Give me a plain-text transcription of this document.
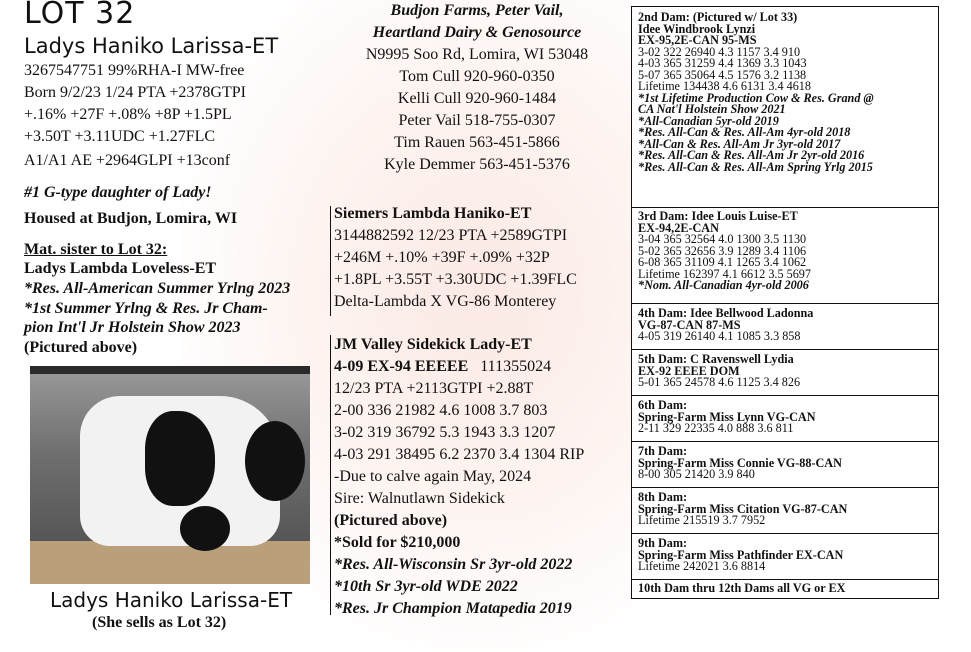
LOT 32
Ladys Haniko Larissa-ET
3267547751 99%RHA-I MW-free
Born 9/2/23 1/24 PTA +2378GTPI
+.16% +27F +.08% +8P +1.5PL
+3.50T +3.11UDC +1.27FLC
A1/A1 AE +2964GLPI +13conf
#1 G-type daughter of Lady!
Housed at Budjon, Lomira, WI
Mat. sister to Lot 32:
Ladys Lambda Loveless-ET
*Res. All-American Summer Yrlng 2023
*1st Summer Yrlng & Res. Jr Cham-
pion Int'l Jr Holstein Show 2023
(Pictured above)
Ladys Haniko Larissa-ET
(She sells as Lot 32)
Budjon Farms, Peter Vail,
Heartland Dairy & Genosource
N9995 Soo Rd, Lomira, WI 53048
Tom Cull 920-960-0350
Kelli Cull 920-960-1484
Peter Vail 518-755-0307
Tim Rauen 563-451-5866
Kyle Demmer 563-451-5376
Siemers Lambda Haniko-ET
3144882592 12/23 PTA +2589GTPI
+246M +.10% +39F +.09% +32P
+1.8PL +3.55T +3.30UDC +1.39FLC
Delta-Lambda X VG-86 Monterey
JM Valley Sidekick Lady-ET
4-09 EX-94 EEEEE 111355024
12/23 PTA +2113GTPI +2.88T
2-00 336 21982 4.6 1008 3.7 803
3-02 319 36792 5.3 1943 3.3 1207
4-03 291 38495 6.2 2370 3.4 1304 RIP
-Due to calve again May, 2024
Sire: Walnutlawn Sidekick
(Pictured above)
*Sold for $210,000
*Res. All-Wisconsin Sr 3yr-old 2022
*10th Sr 3yr-old WDE 2022
*Res. Jr Champion Matapedia 2019
2nd Dam: (Pictured w/ Lot 33)
Idee Windbrook Lynzi
EX-95,2E-CAN 95-MS
3-02 322 26940 4.3 1157 3.4 910
4-03 365 31259 4.4 1369 3.3 1043
5-07 365 35064 4.5 1576 3.2 1138
Lifetime 134438 4.6 6131 3.4 4618
*1st Lifetime Production Cow & Res. Grand @
CA Nat'l Holstein Show 2021
*All-Canadian 5yr-old 2019
*Res. All-Can & Res. All-Am 4yr-old 2018
*All-Can & Res. All-Am Jr 3yr-old 2017
*Res. All-Can & Res. All-Am Jr 2yr-old 2016
*Res. All-Can & Res. All-Am Spring Yrlg 2015
3rd Dam: Idee Louis Luise-ET
EX-94,2E-CAN
3-04 365 32564 4.0 1300 3.5 1130
5-02 365 32656 3.9 1289 3.4 1106
6-08 365 31109 4.1 1265 3.4 1062
Lifetime 162397 4.1 6612 3.5 5697
*Nom. All-Canadian 4yr-old 2006
4th Dam: Idee Bellwood Ladonna
VG-87-CAN 87-MS
4-05 319 26140 4.1 1085 3.3 858
5th Dam: C Ravenswell Lydia
EX-92 EEEE DOM
5-01 365 24578 4.6 1125 3.4 826
6th Dam:
Spring-Farm Miss Lynn VG-CAN
2-11 329 22335 4.0 888 3.6 811
7th Dam:
Spring-Farm Miss Connie VG-88-CAN
8-00 305 21420 3.9 840
8th Dam:
Spring-Farm Miss Citation VG-87-CAN
Lifetime 215519 3.7 7952
9th Dam:
Spring-Farm Miss Pathfinder EX-CAN
Lifetime 242021 3.6 8814
10th Dam thru 12th Dams all VG or EX
